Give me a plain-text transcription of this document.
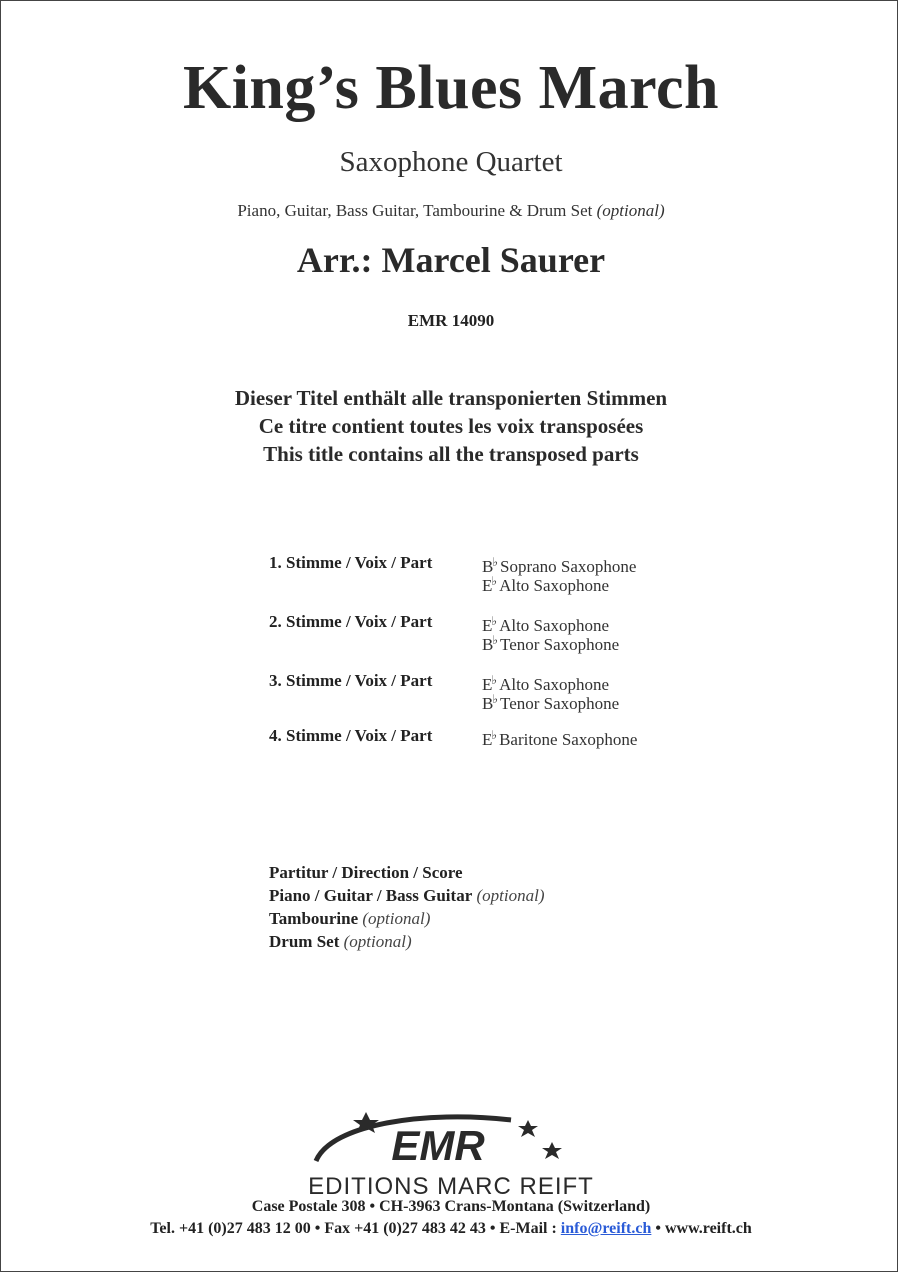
King’s Blues March
Saxophone Quartet
Piano, Guitar, Bass Guitar, Tambourine & Drum Set (optional)
Arr.: Marcel Saurer
EMR 14090
Dieser Titel enthält alle transponierten Stimmen
Ce titre contient toutes les voix transposées
This title contains all the transposed parts
1. Stimme / Voix / Part	B♭ Soprano Saxophone
E♭ Alto Saxophone
2. Stimme / Voix / Part	E♭ Alto Saxophone
B♭ Tenor Saxophone
3. Stimme / Voix / Part	E♭ Alto Saxophone
B♭ Tenor Saxophone
4. Stimme / Voix / Part	E♭ Baritone Saxophone
Partitur / Direction / Score
Piano / Guitar / Bass Guitar (optional)
Tambourine (optional)
Drum Set (optional)
EMR
EDITIONS MARC REIFT
Case Postale 308 • CH-3963 Crans-Montana (Switzerland)
Tel. +41 (0)27 483 12 00 • Fax +41 (0)27 483 42 43 • E-Mail : info@reift.ch • www.reift.ch
